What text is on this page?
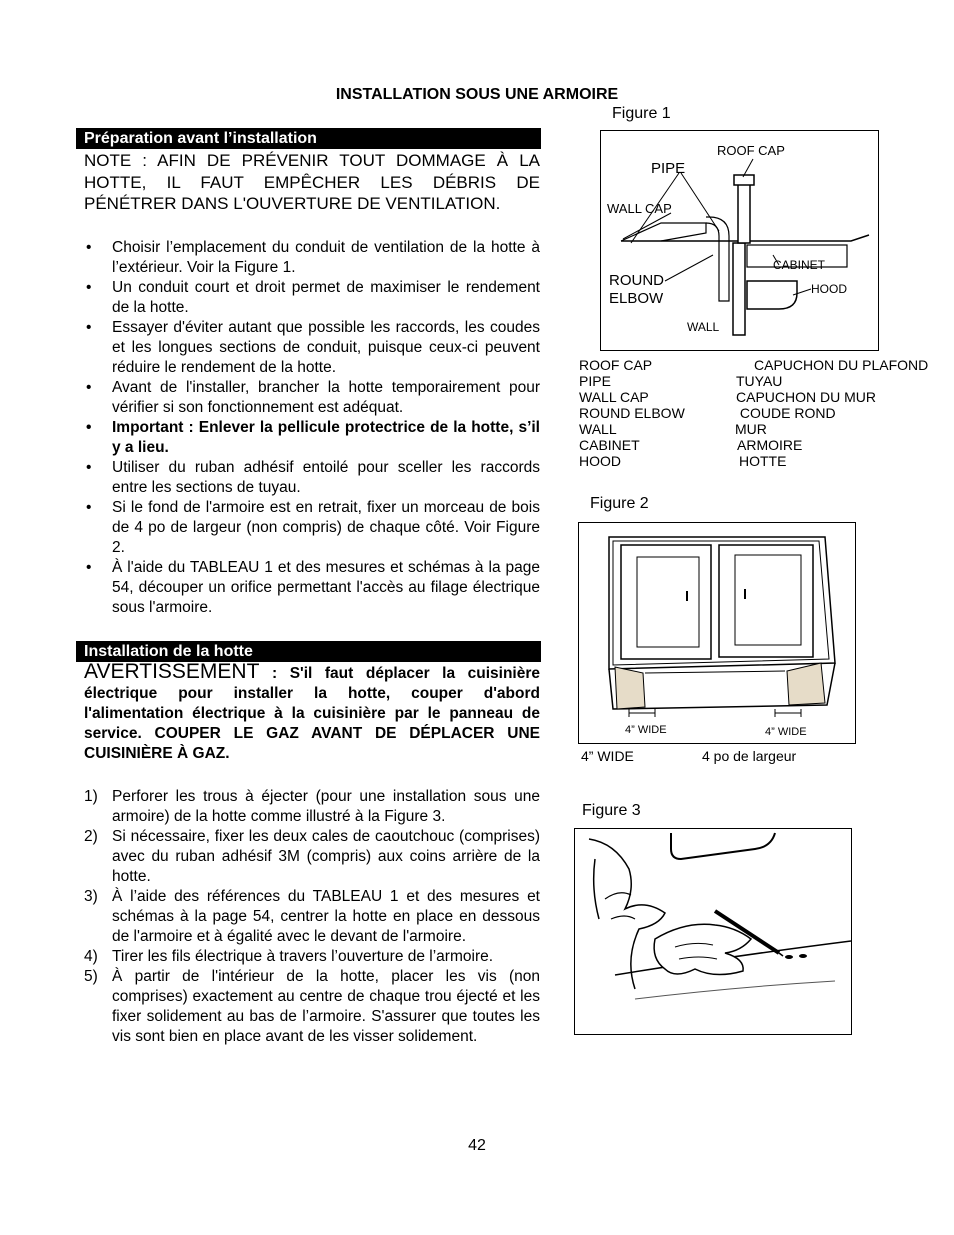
INSTALLATION SOUS UNE ARMOIRE
Préparation avant l’installation
NOTE : AFIN DE PRÉVENIR TOUT DOMMAGE À LA HOTTE, IL FAUT EMPÊCHER LES DÉBRIS DE PÉNÉTRER DANS L'OUVERTURE DE VENTILATION.
• Choisir l’emplacement du conduit de ventilation de la hotte à l’extérieur. Voir la Figure 1.
• Un conduit court et droit permet de maximiser le rendement de la hotte.
• Essayer d'éviter autant que possible les raccords, les coudes et les longues sections de conduit, puisque ceux-ci peuvent réduire le rendement de la hotte.
• Avant de l'installer, brancher la hotte temporairement pour vérifier si son fonctionnement est adéquat.
• Important : Enlever la pellicule protectrice de la hotte, s’il y a lieu.
• Utiliser du ruban adhésif entoilé pour sceller les raccords entre les sections de tuyau.
• Si le fond de l'armoire est en retrait, fixer un morceau de bois de 4 po de largeur (non compris) de chaque côté. Voir Figure 2.
• À l'aide du TABLEAU 1 et des mesures et schémas à la page 54, découper un orifice permettant l'accès au filage électrique sous l'armoire.
Installation de la hotte
AVERTISSEMENT : S'il faut déplacer la cuisinière électrique pour installer la hotte, couper d'abord l'alimentation électrique à la cuisinière par le panneau de service. COUPER LE GAZ AVANT DE DÉPLACER UNE CUISINIÈRE À GAZ.
1) Perforer les trous à éjecter (pour une installation sous une armoire) de la hotte comme illustré à la Figure 3.
2) Si nécessaire, fixer les deux cales de caoutchouc (comprises) avec du ruban adhésif 3M (compris) aux coins arrière de la hotte.
3) À l’aide des références du TABLEAU 1 et des mesures et schémas à la page 54, centrer la hotte en place en dessous de l'armoire et à égalité avec le devant de l'armoire.
4) Tirer les fils électrique à travers l’ouverture de l’armoire.
5) À partir de l'intérieur de la hotte, placer les vis (non comprises) exactement au centre de chaque trou éjecté et les fixer solidement au bas de l’armoire. S'assurer que toutes les vis sont bien en place avant de les visser solidement.
Figure 1
ROOF CAP
PIPE
WALL CAP
CABINET
ROUND
ELBOW
HOOD
WALL
ROOF CAP	CAPUCHON DU PLAFOND
PIPE	TUYAU
WALL CAP	CAPUCHON DU MUR
ROUND ELBOW	COUDE ROND
WALL	MUR
CABINET	ARMOIRE
HOOD	HOTTE
Figure 2
4” WIDE	4” WIDE
4” WIDE	4 po de largeur
Figure 3
42
